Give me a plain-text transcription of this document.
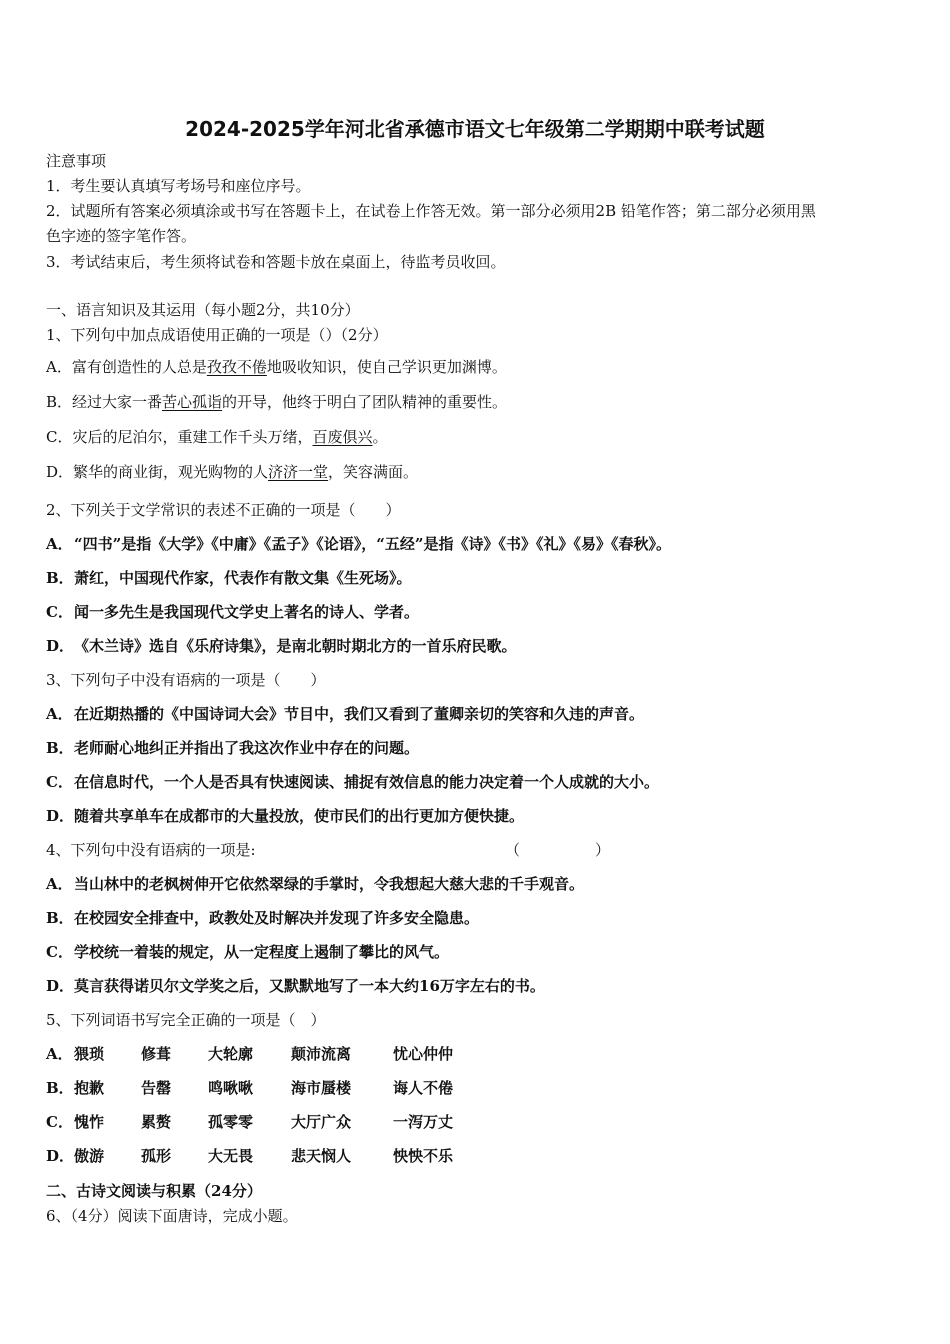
2024-2025学年河北省承德市语文七年级第二学期期中联考试题
注意事项
1．考生要认真填写考场号和座位序号。
2．试题所有答案必须填涂或书写在答题卡上，在试卷上作答无效。第一部分必须用2B 铅笔作答；第二部分必须用黑
色字迹的签字笔作答。
3．考试结束后，考生须将试卷和答题卡放在桌面上，待监考员收回。
一、语言知识及其运用（每小题2分，共10分）
1、下列句中加点成语使用正确的一项是（）（2分）
A．富有创造性的人总是孜孜不倦地吸收知识，使自己学识更加渊博。
B．经过大家一番苦心孤诣的开导，他终于明白了团队精神的重要性。
C．灾后的尼泊尔，重建工作千头万绪，百废俱兴。
D．繁华的商业街，观光购物的人济济一堂，笑容满面。
2、下列关于文学常识的表述不正确的一项是（　　）
A．“四书”是指《大学》《中庸》《孟子》《论语》，“五经”是指《诗》《书》《礼》《易》《春秋》。
B．萧红，中国现代作家，代表作有散文集《生死场》。
C．闻一多先生是我国现代文学史上著名的诗人、学者。
D．《木兰诗》选自《乐府诗集》，是南北朝时期北方的一首乐府民歌。
3、下列句子中没有语病的一项是（　　）
A．在近期热播的《中国诗词大会》节目中，我们又看到了董卿亲切的笑容和久违的声音。
B．老师耐心地纠正并指出了我这次作业中存在的问题。
C．在信息时代，一个人是否具有快速阅读、捕捉有效信息的能力决定着一个人成就的大小。
D．随着共享单车在成都市的大量投放，使市民们的出行更加方便快捷。
4、下列句中没有语病的一项是:	（　　　　　）
A．当山林中的老枫树伸开它依然翠绿的手掌时，令我想起大慈大悲的千手观音。
B．在校园安全排查中，政教处及时解决并发现了许多安全隐患。
C．学校统一着装的规定，从一定程度上遏制了攀比的风气。
D．莫言获得诺贝尔文学奖之后，又默默地写了一本大约16万字左右的书。
5、下列词语书写完全正确的一项是（　）
A．猥琐 修葺 大轮廓	颠沛流离	忧心仲仲
B．抱歉 告罄 鸣啾啾	海市蜃楼	诲人不倦
C．愧怍 累赘 孤零零	大厅广众	一泻万丈
D．傲游 孤形 大无畏	悲天悯人	怏怏不乐
二、古诗文阅读与积累（24分）
6、（4分）阅读下面唐诗，完成小题。
